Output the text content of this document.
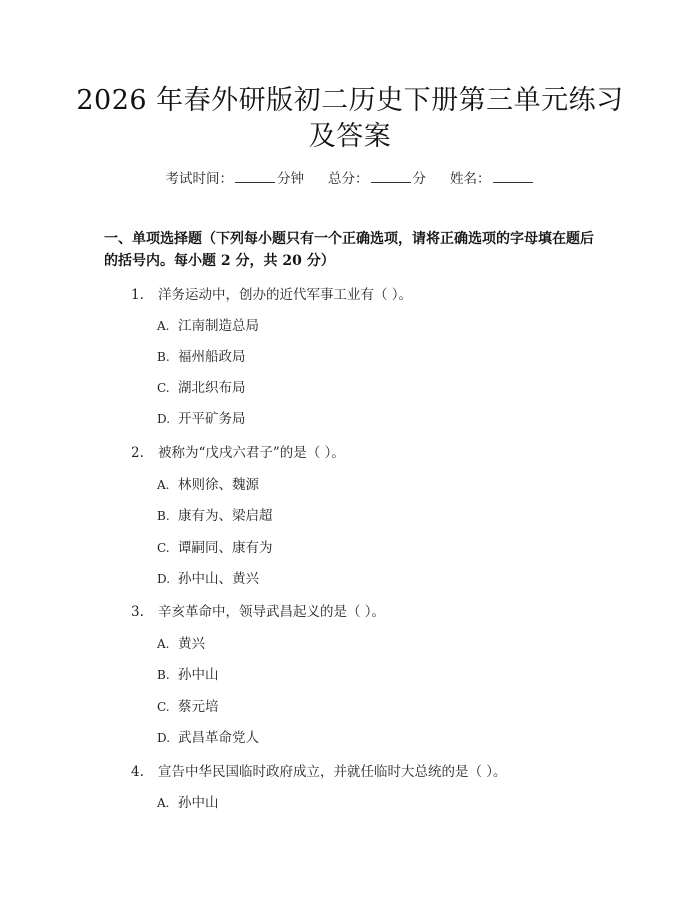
2026 年春外研版初二历史下册第三单元练习
及答案
考试时间：	分钟 总分：	分 姓名：
一、单项选择题（下列每小题只有一个正确选项，请将正确选项的字母填在题后
的括号内。每小题 2 分，共 20 分）
1. 洋务运动中，创办的近代军事工业有（ ）。
A. 江南制造总局
B. 福州船政局
C. 湖北织布局
D. 开平矿务局
2. 被称为“戊戌六君子”的是（ ）。
A. 林则徐、魏源
B. 康有为、梁启超
C. 谭嗣同、康有为
D. 孙中山、黄兴
3. 辛亥革命中，领导武昌起义的是（ ）。
A. 黄兴
B. 孙中山
C. 蔡元培
D. 武昌革命党人
4. 宣告中华民国临时政府成立，并就任临时大总统的是（ ）。
A. 孙中山
